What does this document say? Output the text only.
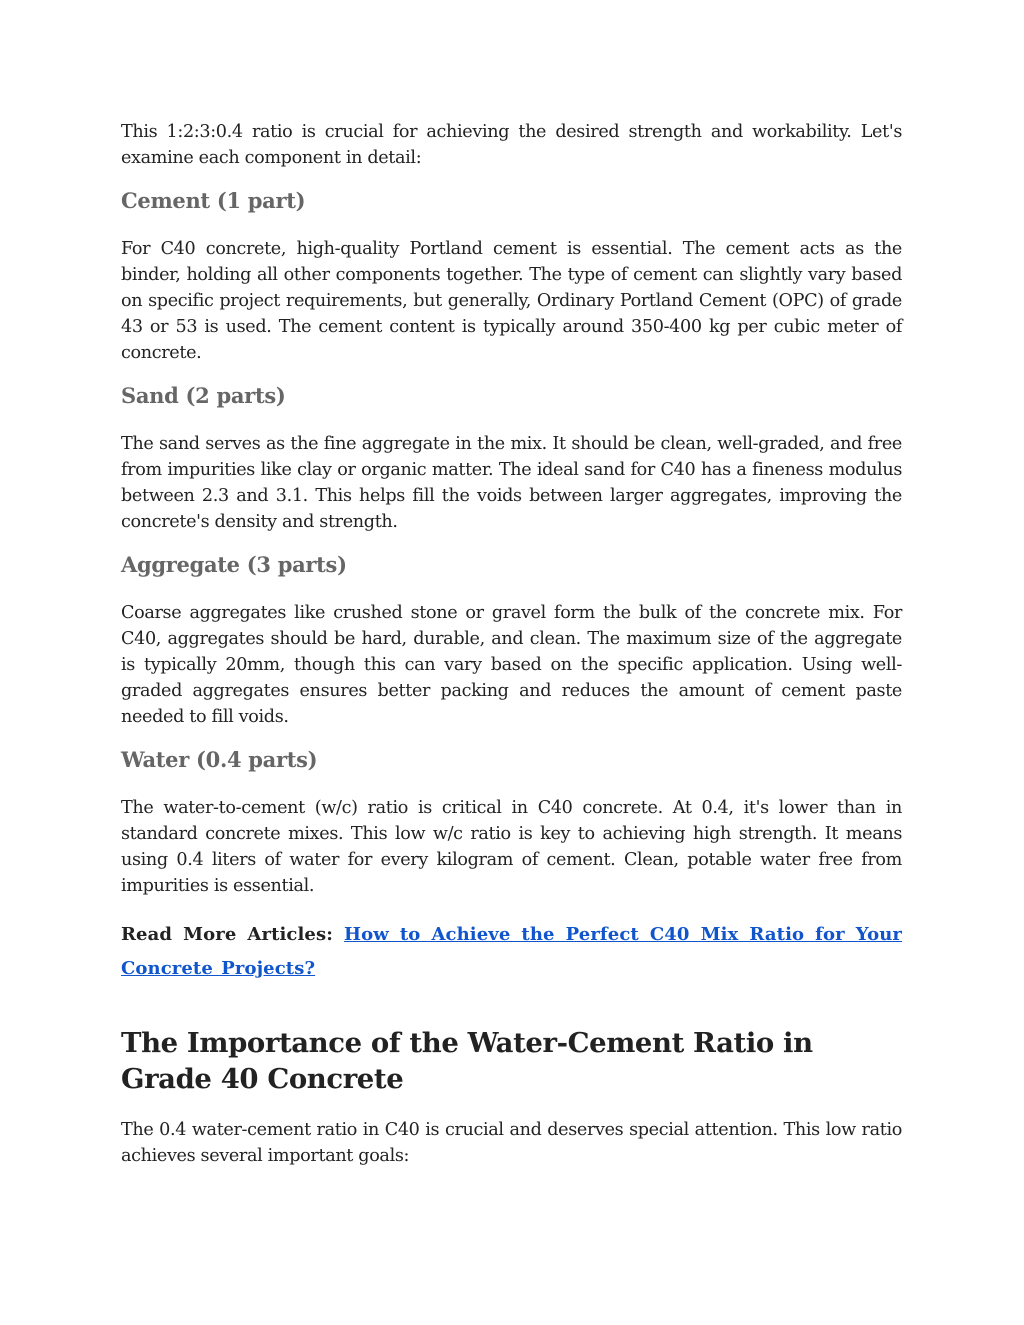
This 1:2:3:0.4 ratio is crucial for achieving the desired strength and workability. Let's examine each component in detail:

Cement (1 part)

For C40 concrete, high-quality Portland cement is essential. The cement acts as the binder, holding all other components together. The type of cement can slightly vary based on specific project requirements, but generally, Ordinary Portland Cement (OPC) of grade 43 or 53 is used. The cement content is typically around 350-400 kg per cubic meter of concrete.

Sand (2 parts)

The sand serves as the fine aggregate in the mix. It should be clean, well-graded, and free from impurities like clay or organic matter. The ideal sand for C40 has a fineness modulus between 2.3 and 3.1. This helps fill the voids between larger aggregates, improving the concrete's density and strength.

Aggregate (3 parts)

Coarse aggregates like crushed stone or gravel form the bulk of the concrete mix. For C40, aggregates should be hard, durable, and clean. The maximum size of the aggregate is typically 20mm, though this can vary based on the specific application. Using well-graded aggregates ensures better packing and reduces the amount of cement paste needed to fill voids.

Water (0.4 parts)

The water-to-cement (w/c) ratio is critical in C40 concrete. At 0.4, it's lower than in standard concrete mixes. This low w/c ratio is key to achieving high strength. It means using 0.4 liters of water for every kilogram of cement. Clean, potable water free from impurities is essential.

Read More Articles: How to Achieve the Perfect C40 Mix Ratio for Your Concrete Projects?
The Importance of the Water-Cement Ratio in Grade 40 Concrete

The 0.4 water-cement ratio in C40 is crucial and deserves special attention. This low ratio achieves several important goals:
